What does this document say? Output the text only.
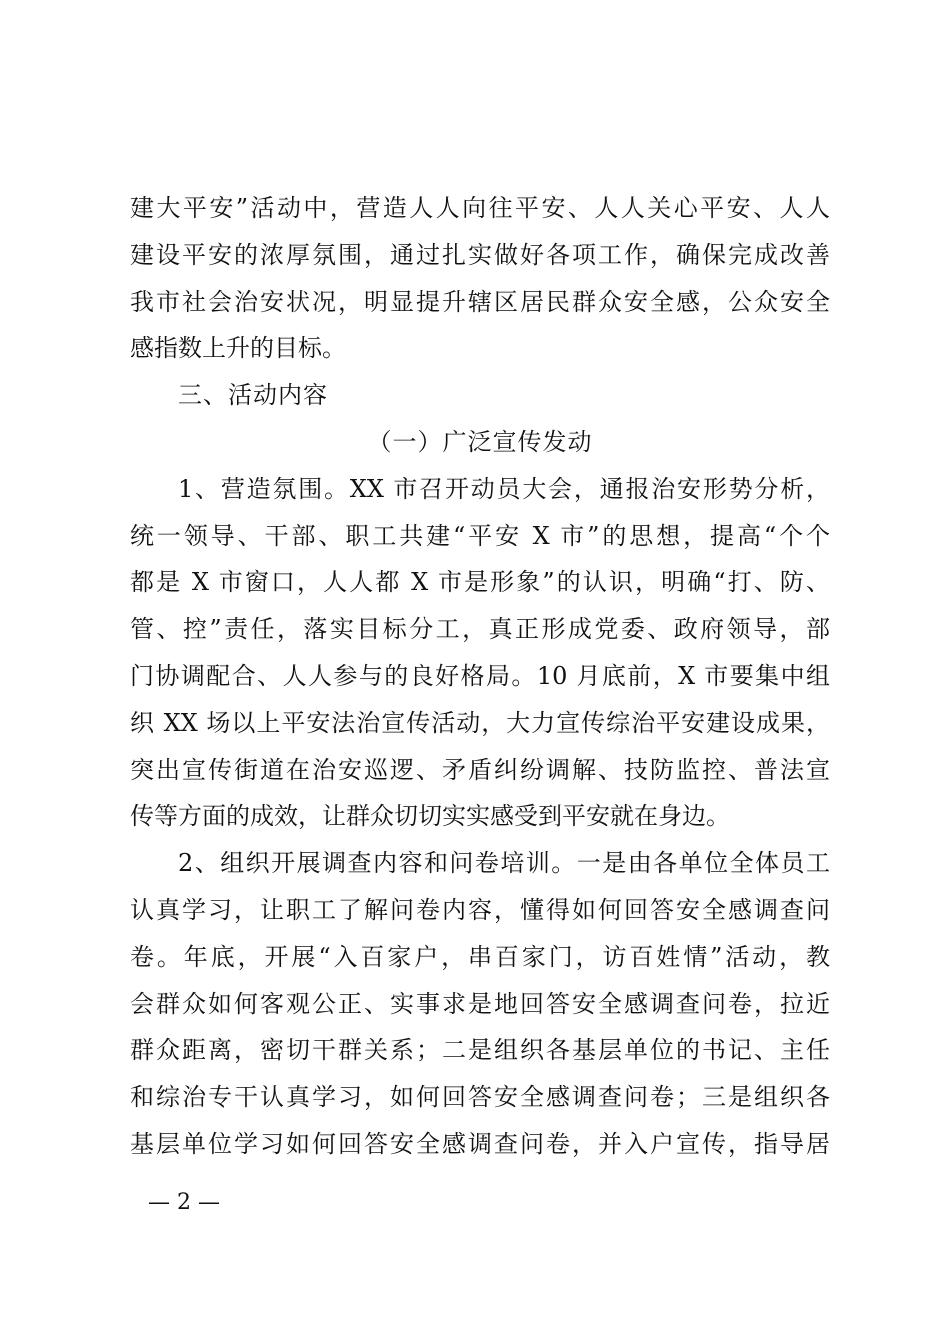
建大平安”活动中，营造人人向往平安、人人关心平安、人人
建设平安的浓厚氛围，通过扎实做好各项工作，确保完成改善
我市社会治安状况，明显提升辖区居民群众安全感，公众安全
感指数上升的目标。
三、活动内容
（一）广泛宣传发动
1、营造氛围。XX 市召开动员大会，通报治安形势分析，
统一领导、干部、职工共建“平安 X 市”的思想，提高“个个
都是 X 市窗口，人人都 X 市是形象”的认识，明确“打、防、
管、控”责任，落实目标分工，真正形成党委、政府领导，部
门协调配合、人人参与的良好格局。10 月底前，X 市要集中组
织 XX 场以上平安法治宣传活动，大力宣传综治平安建设成果，
突出宣传街道在治安巡逻、矛盾纠纷调解、技防监控、普法宣
传等方面的成效，让群众切切实实感受到平安就在身边。
2、组织开展调查内容和问卷培训。一是由各单位全体员工
认真学习，让职工了解问卷内容，懂得如何回答安全感调查问
卷。年底，开展“入百家户，串百家门，访百姓情”活动，教
会群众如何客观公正、实事求是地回答安全感调查问卷，拉近
群众距离，密切干群关系；二是组织各基层单位的书记、主任
和综治专干认真学习，如何回答安全感调查问卷；三是组织各
基层单位学习如何回答安全感调查问卷，并入户宣传，指导居
— 2 —
